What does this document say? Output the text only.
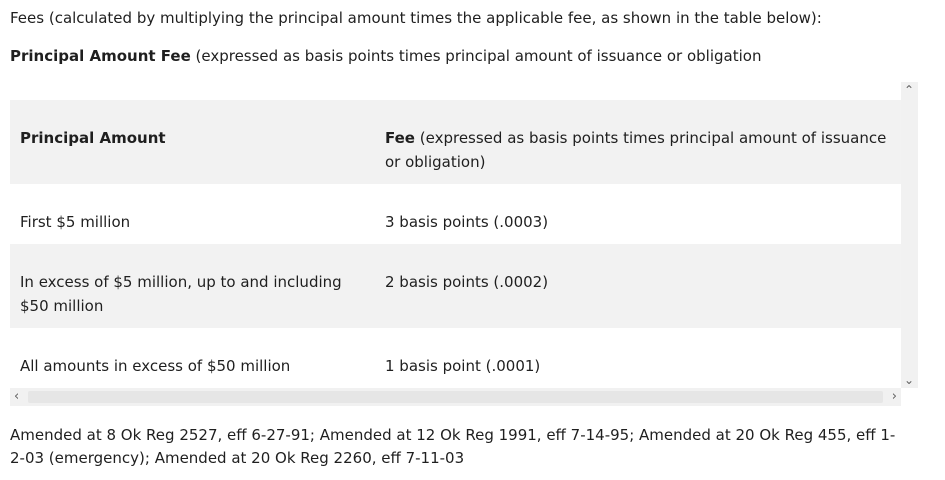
Fees (calculated by multiplying the principal amount times the applicable fee, as shown in the table below):
Principal Amount Fee (expressed as basis points times principal amount of issuance or obligation
Principal Amount	Fee (expressed as basis points times principal amount of issuance or obligation)
First $5 million	3 basis points (.0003)
In excess of $5 million, up to and including $50 million	2 basis points (.0002)
All amounts in excess of $50 million	1 basis point (.0001)
⌃
⌄
‹	›
Amended at 8 Ok Reg 2527, eff 6-27-91; Amended at 12 Ok Reg 1991, eff 7-14-95; Amended at 20 Ok Reg 455, eff 1-2-03 (emergency); Amended at 20 Ok Reg 2260, eff 7-11-03
